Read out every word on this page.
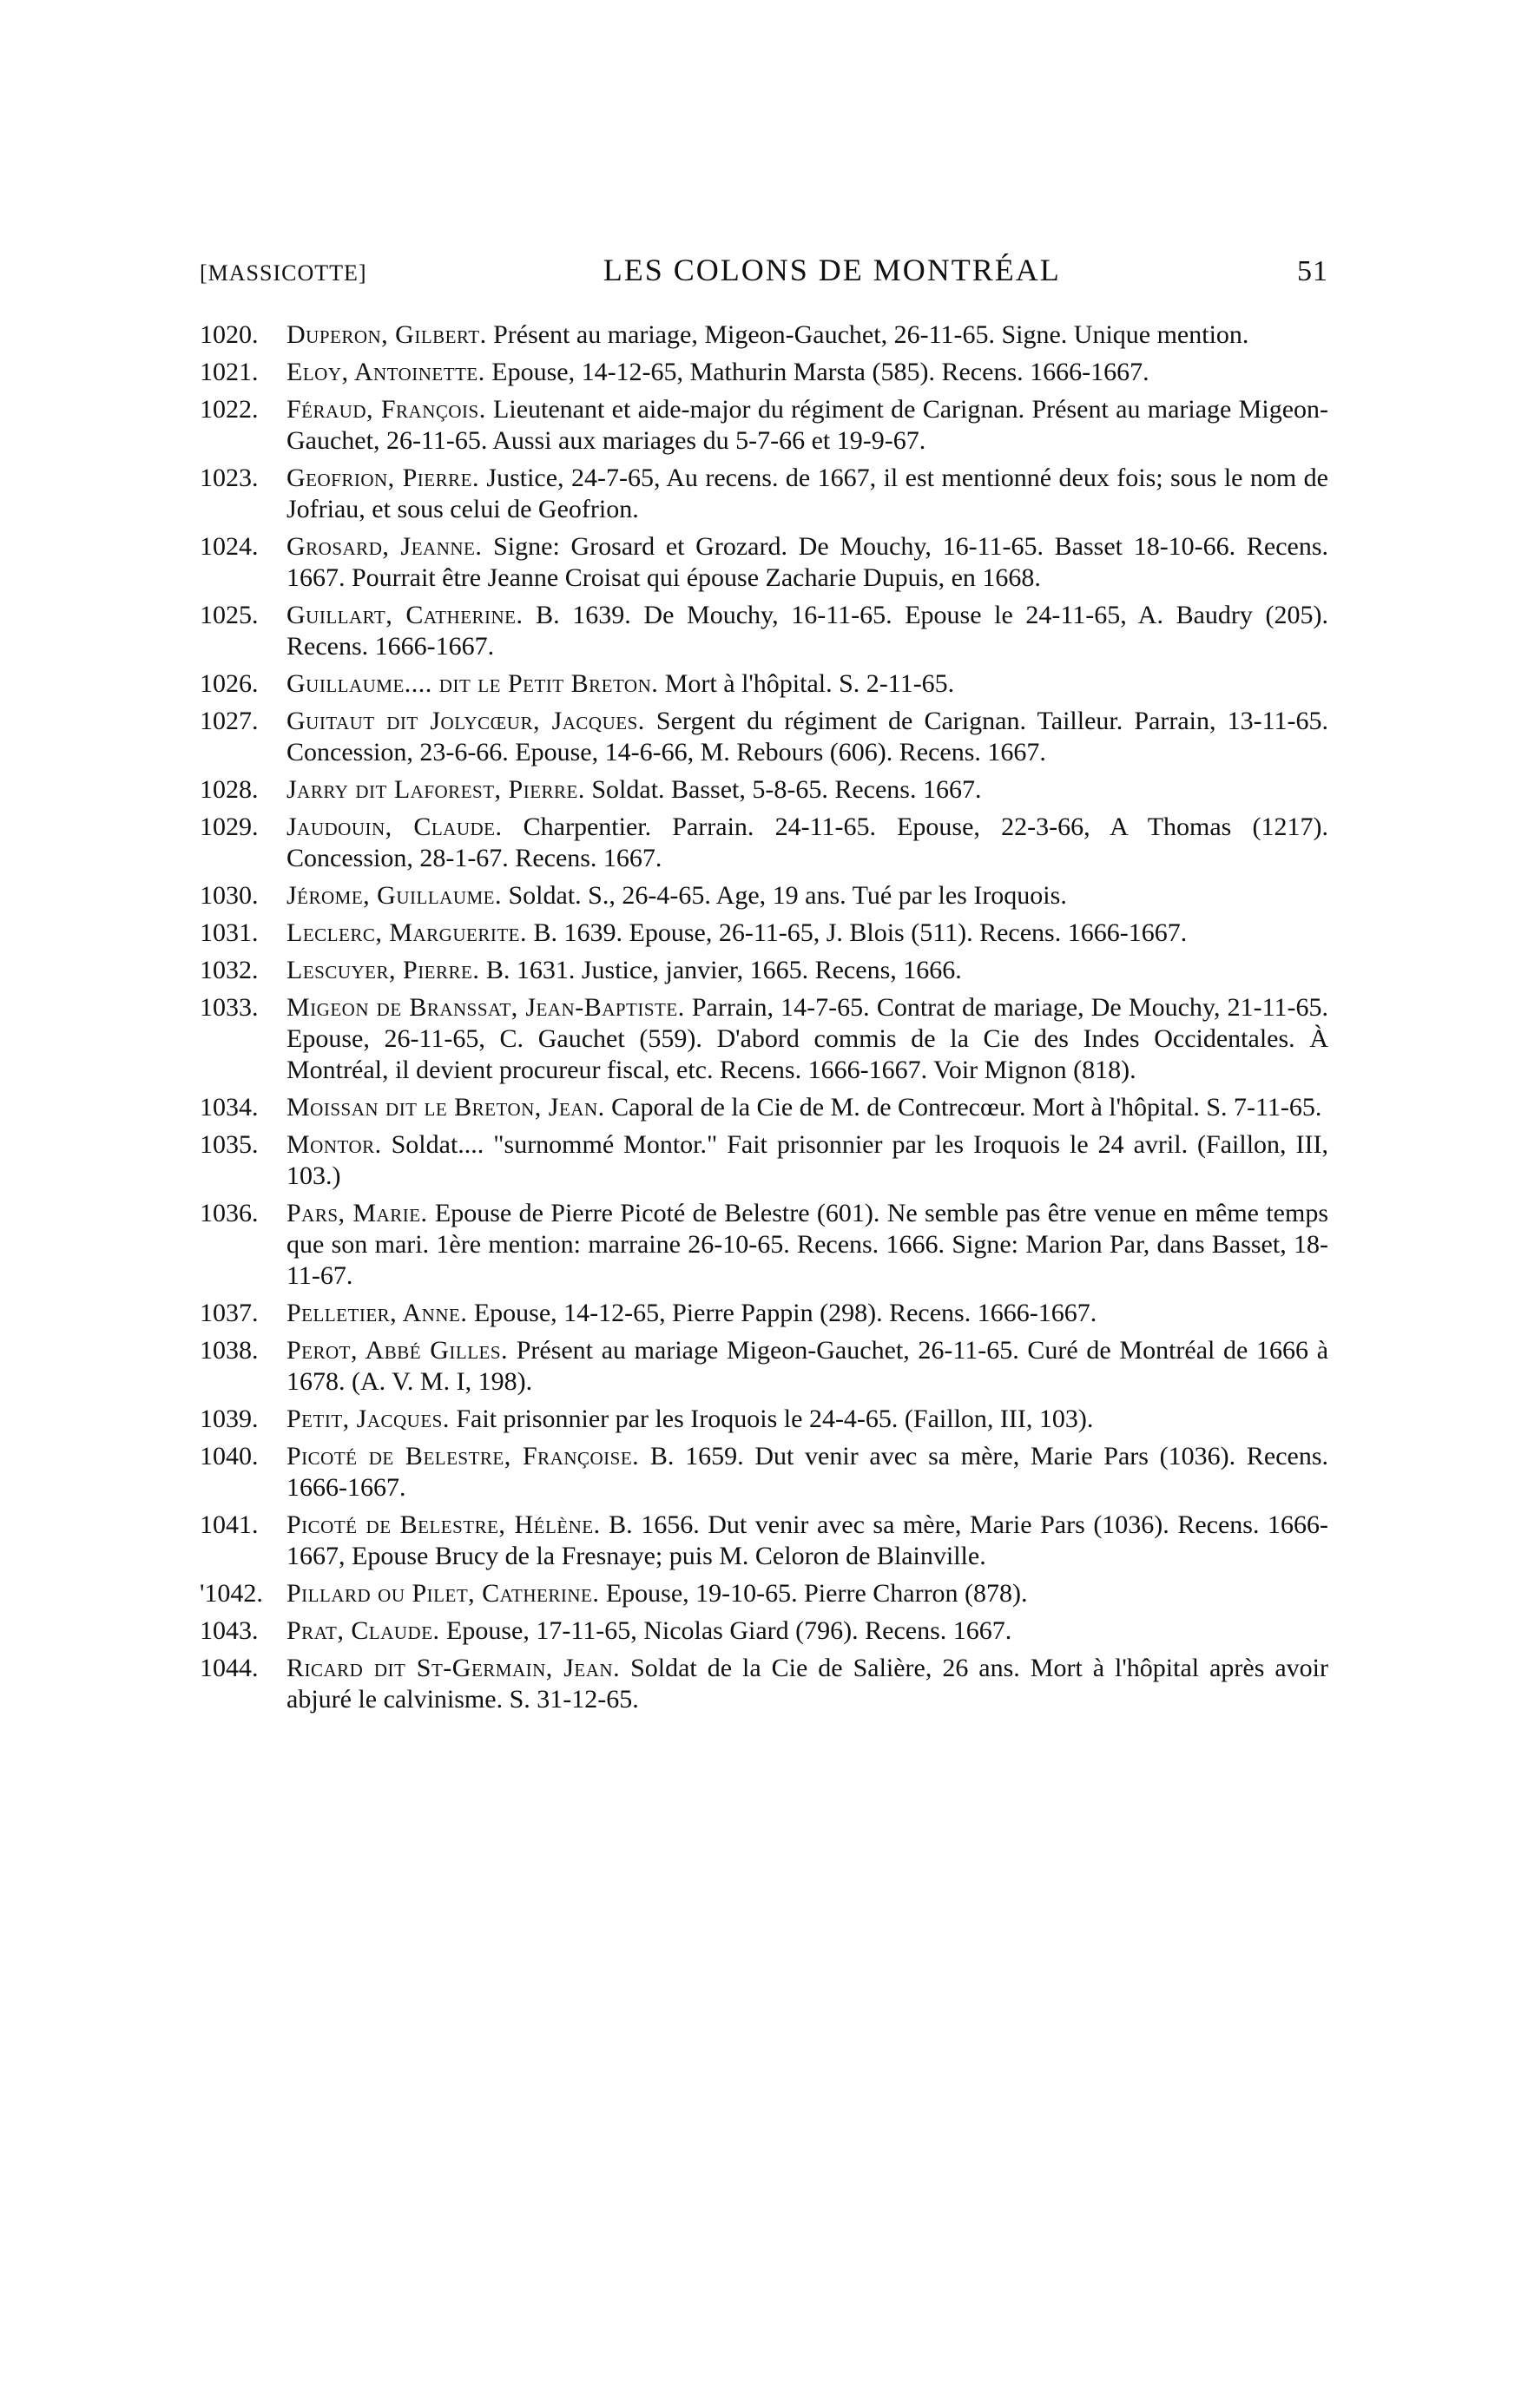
[MASSICOTTE]	LES COLONS DE MONTRÉAL	51
1020.	Duperon, Gilbert. Présent au mariage, Migeon-Gauchet, 26-11-65. Signe. Unique mention.
1021.	Eloy, Antoinette. Epouse, 14-12-65, Mathurin Marsta (585). Recens. 1666-1667.
1022.	Féraud, François. Lieutenant et aide-major du régiment de Carignan. Présent au mariage Migeon-Gauchet, 26-11-65. Aussi aux mariages du 5-7-66 et 19-9-67.
1023.	Geofrion, Pierre. Justice, 24-7-65, Au recens. de 1667, il est mentionné deux fois; sous le nom de Jofriau, et sous celui de Geofrion.
1024.	Grosard, Jeanne. Signe: Grosard et Grozard. De Mouchy, 16-11-65. Basset 18-10-66. Recens. 1667. Pourrait être Jeanne Croisat qui épouse Zacharie Dupuis, en 1668.
1025.	Guillart, Catherine. B. 1639. De Mouchy, 16-11-65. Epouse le 24-11-65, A. Baudry (205). Recens. 1666-1667.
1026.	Guillaume.... dit le Petit Breton. Mort à l'hôpital. S. 2-11-65.
1027.	Guitaut dit Jolycœur, Jacques. Sergent du régiment de Carignan. Tailleur. Parrain, 13-11-65. Concession, 23-6-66. Epouse, 14-6-66, M. Rebours (606). Recens. 1667.
1028.	Jarry dit Laforest, Pierre. Soldat. Basset, 5-8-65. Recens. 1667.
1029.	Jaudouin, Claude. Charpentier. Parrain. 24-11-65. Epouse, 22-3-66, A Thomas (1217). Concession, 28-1-67. Recens. 1667.
1030.	Jérome, Guillaume. Soldat. S., 26-4-65. Age, 19 ans. Tué par les Iroquois.
1031.	Leclerc, Marguerite. B. 1639. Epouse, 26-11-65, J. Blois (511). Recens. 1666-1667.
1032.	Lescuyer, Pierre. B. 1631. Justice, janvier, 1665. Recens, 1666.
1033.	Migeon de Branssat, Jean-Baptiste. Parrain, 14-7-65. Contrat de mariage, De Mouchy, 21-11-65. Epouse, 26-11-65, C. Gauchet (559). D'abord commis de la Cie des Indes Occidentales. À Montréal, il devient procureur fiscal, etc. Recens. 1666-1667. Voir Mignon (818).
1034.	Moissan dit le Breton, Jean. Caporal de la Cie de M. de Contrecœur. Mort à l'hôpital. S. 7-11-65.
1035.	Montor. Soldat.... "surnommé Montor." Fait prisonnier par les Iroquois le 24 avril. (Faillon, III, 103.)
1036.	Pars, Marie. Epouse de Pierre Picoté de Belestre (601). Ne semble pas être venue en même temps que son mari. 1ère mention: marraine 26-10-65. Recens. 1666. Signe: Marion Par, dans Basset, 18-11-67.
1037.	Pelletier, Anne. Epouse, 14-12-65, Pierre Pappin (298). Recens. 1666-1667.
1038.	Perot, Abbé Gilles. Présent au mariage Migeon-Gauchet, 26-11-65. Curé de Montréal de 1666 à 1678. (A. V. M. I, 198).
1039.	Petit, Jacques. Fait prisonnier par les Iroquois le 24-4-65. (Faillon, III, 103).
1040.	Picoté de Belestre, Françoise. B. 1659. Dut venir avec sa mère, Marie Pars (1036). Recens. 1666-1667.
1041.	Picoté de Belestre, Hélène. B. 1656. Dut venir avec sa mère, Marie Pars (1036). Recens. 1666-1667, Epouse Brucy de la Fresnaye; puis M. Celoron de Blainville.
'1042. Pillard ou Pilet, Catherine. Epouse, 19-10-65. Pierre Charron (878).
1043.	Prat, Claude. Epouse, 17-11-65, Nicolas Giard (796). Recens. 1667.
1044.	Ricard dit St-Germain, Jean. Soldat de la Cie de Salière, 26 ans. Mort à l'hôpital après avoir abjuré le calvinisme. S. 31-12-65.
